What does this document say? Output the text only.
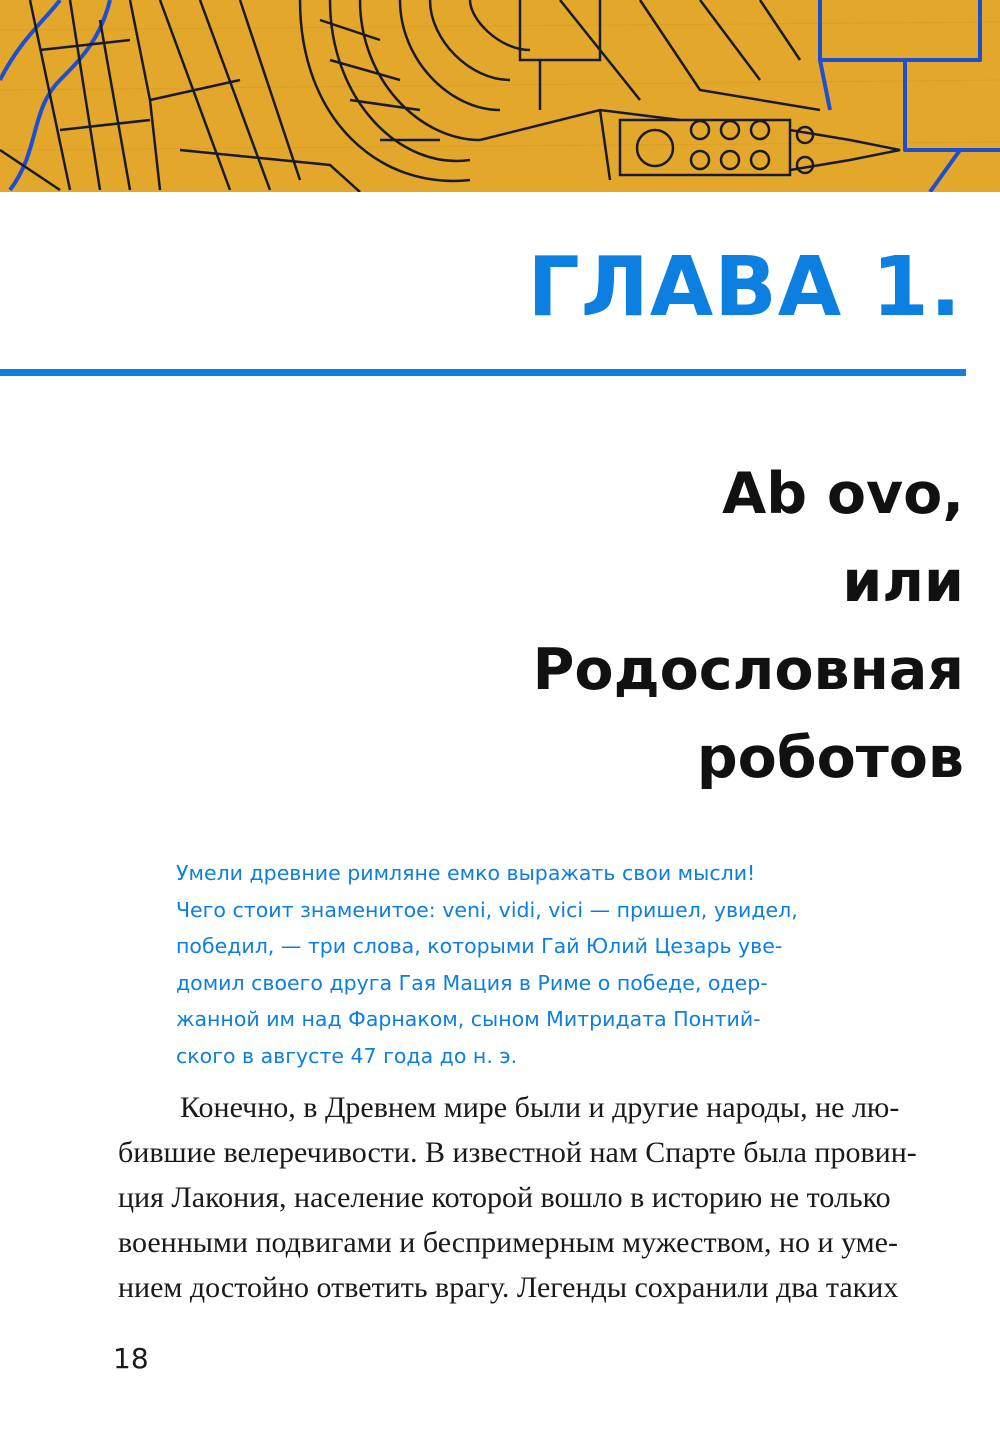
ГЛАВА 1.
Ab ovo,
или
Родословная
роботов

Умели древние римляне емко выражать свои мысли!
Чего стоит знаменитое: veni, vidi, vici — пришел, увидел,
победил, — три слова, которыми Гай Юлий Цезарь уве-
домил своего друга Гая Мация в Риме о победе, одер-
жанной им над Фарнаком, сыном Митридата Понтий-
ского в августе 47 года до н. э.

Конечно, в Древнем мире были и другие народы, не лю-
бившие велеречивости. В известной нам Спарте была провин-
ция Лакония, население которой вошло в историю не только
военными подвигами и беспримерным мужеством, но и уме-
нием достойно ответить врагу. Легенды сохранили два таких

18
